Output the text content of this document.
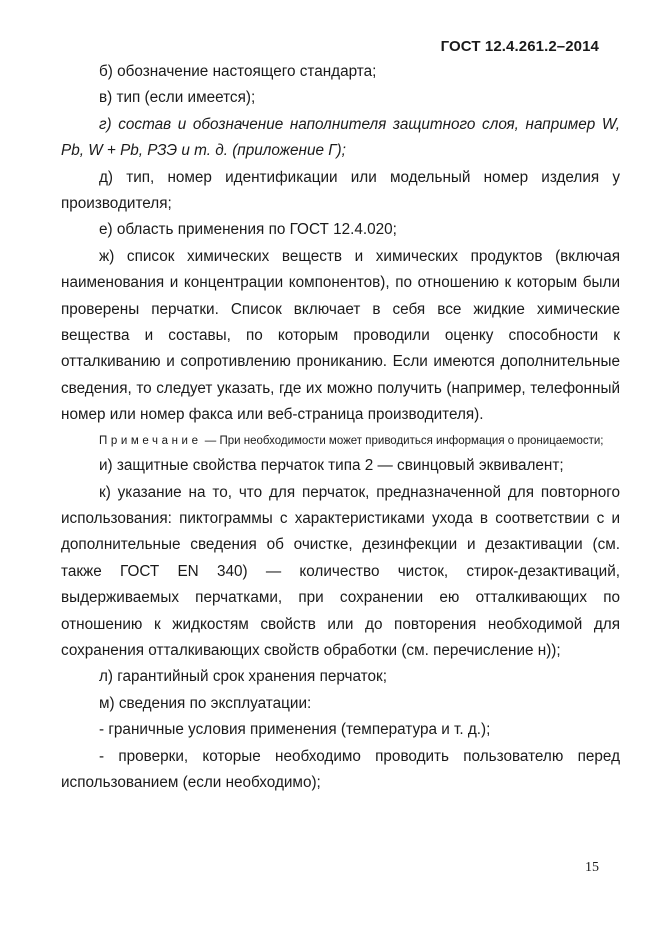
ГОСТ 12.4.261.2–2014

б) обозначение настоящего стандарта;

в) тип (если имеется);

г) состав и обозначение наполнителя защитного слоя, например W, Pb, W + Pb, РЗЭ и т. д. (приложение Г);

д) тип, номер идентификации или модельный номер изделия у производителя;

е) область применения по ГОСТ 12.4.020;

ж) список химических веществ и химических продуктов (включая наименования и концентрации компонентов), по отношению к которым были проверены перчатки. Список включает в себя все жидкие химические вещества и составы, по которым проводили оценку способности к отталкиванию и сопротивлению прониканию. Если имеются дополнительные сведения, то следует указать, где их можно получить (например, телефонный номер или номер факса или веб-страница производителя).

Примечание — При необходимости может приводиться информация о проницаемости;

и) защитные свойства перчаток типа 2 — свинцовый эквивалент;

к) указание на то, что для перчаток, предназначенной для повторного использования: пиктограммы с характеристиками ухода в соответствии с и дополнительные сведения об очистке, дезинфекции и дезактивации (см. также ГОСТ EN 340) — количество чисток, стирок-дезактиваций, выдерживаемых перчатками, при сохранении ею отталкивающих по отношению к жидкостям свойств или до повторения необходимой для сохранения отталкивающих свойств обработки (см. перечисление н));

л) гарантийный срок хранения перчаток;

м) сведения по эксплуатации:

- граничные условия применения (температура и т. д.);

- проверки, которые необходимо проводить пользователю перед использованием (если необходимо);

15
